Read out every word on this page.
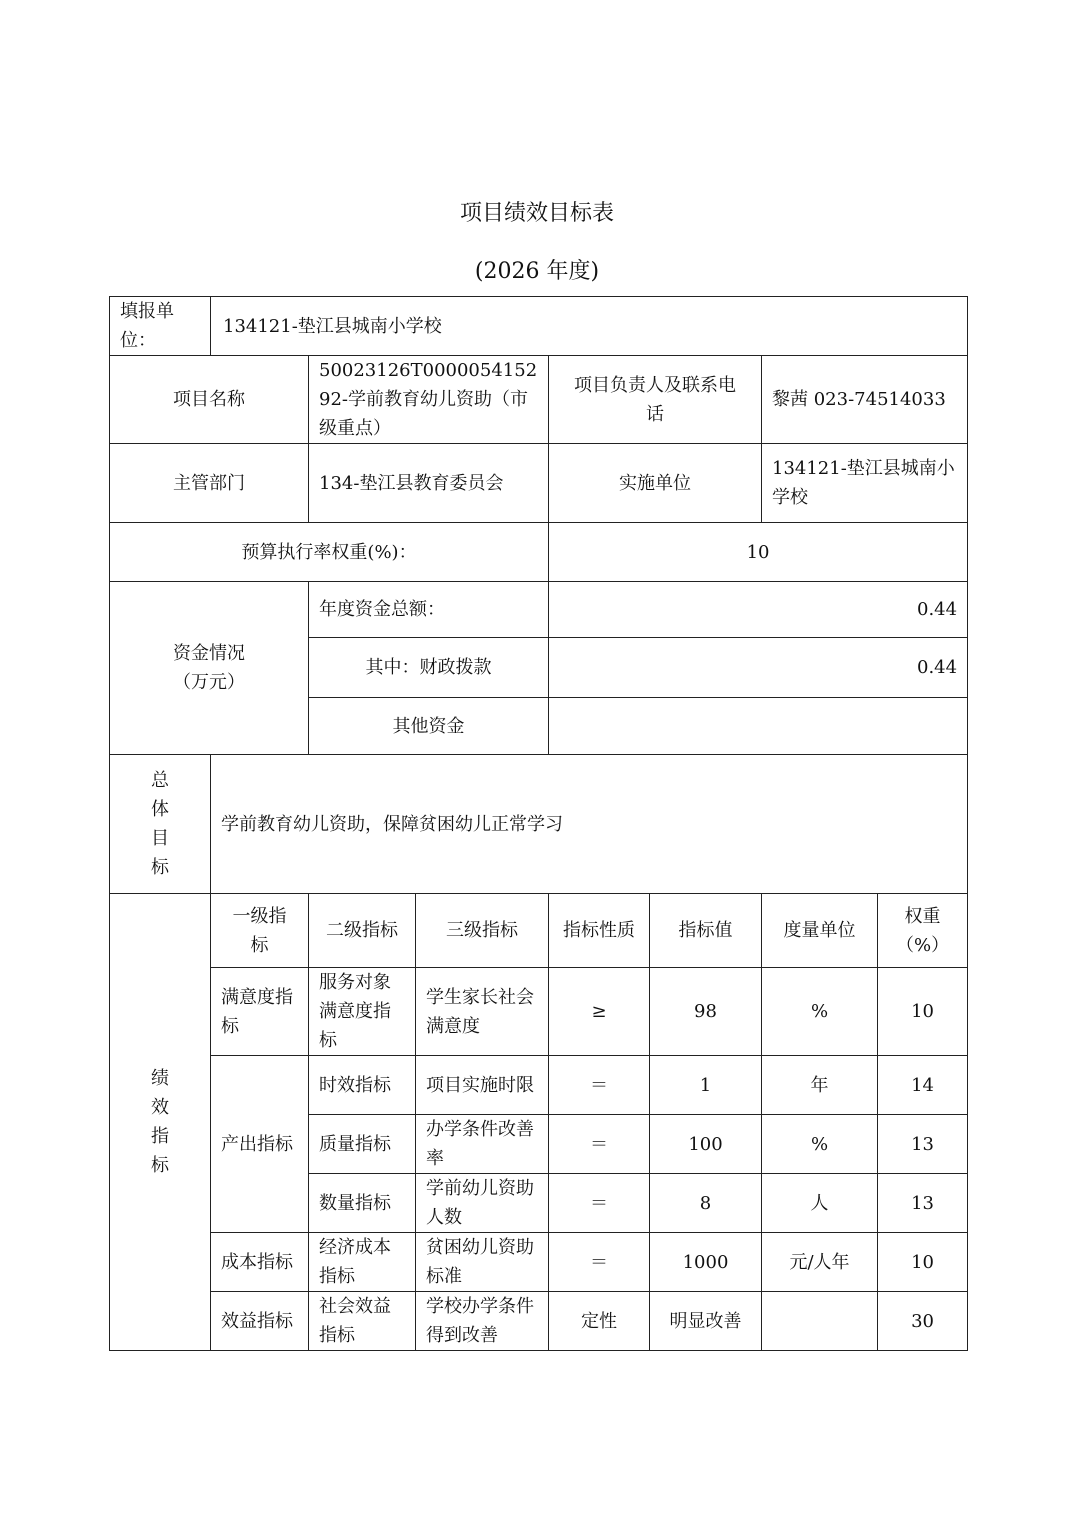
项目绩效目标表
(2026 年度)
填报单位：	134121-垫江县城南小学校						
项目名称		50023126T000005415292-学前教育幼儿资助（市级重点）		项目负责人及联系电话		黎茜 023-74514033	
主管部门		134-垫江县教育委员会		实施单位		134121-垫江县城南小学校	
预算执行率权重(%)：				10			

资金情况
（万元）		年度资金总额：		0.44			
		其中：财政拨款		0.44			
		其他资金					

总
体
目
标	学前教育幼儿资助，保障贫困幼儿正常学习						

绩
效
指
标	一级指标	二级指标	三级指标	指标性质	指标值	度量单位	权重（%）
	满意度指标	服务对象满意度指标	学生家长社会满意度	≥	98	%	10
	产出指标	时效指标	项目实施时限	＝	1	年	14
		质量指标	办学条件改善率	＝	100	%	13
		数量指标	学前幼儿资助人数	＝	8	人	13
	成本指标	经济成本指标	贫困幼儿资助标准	＝	1000	元/人年	10
	效益指标	社会效益指标	学校办学条件得到改善	定性	明显改善		30
